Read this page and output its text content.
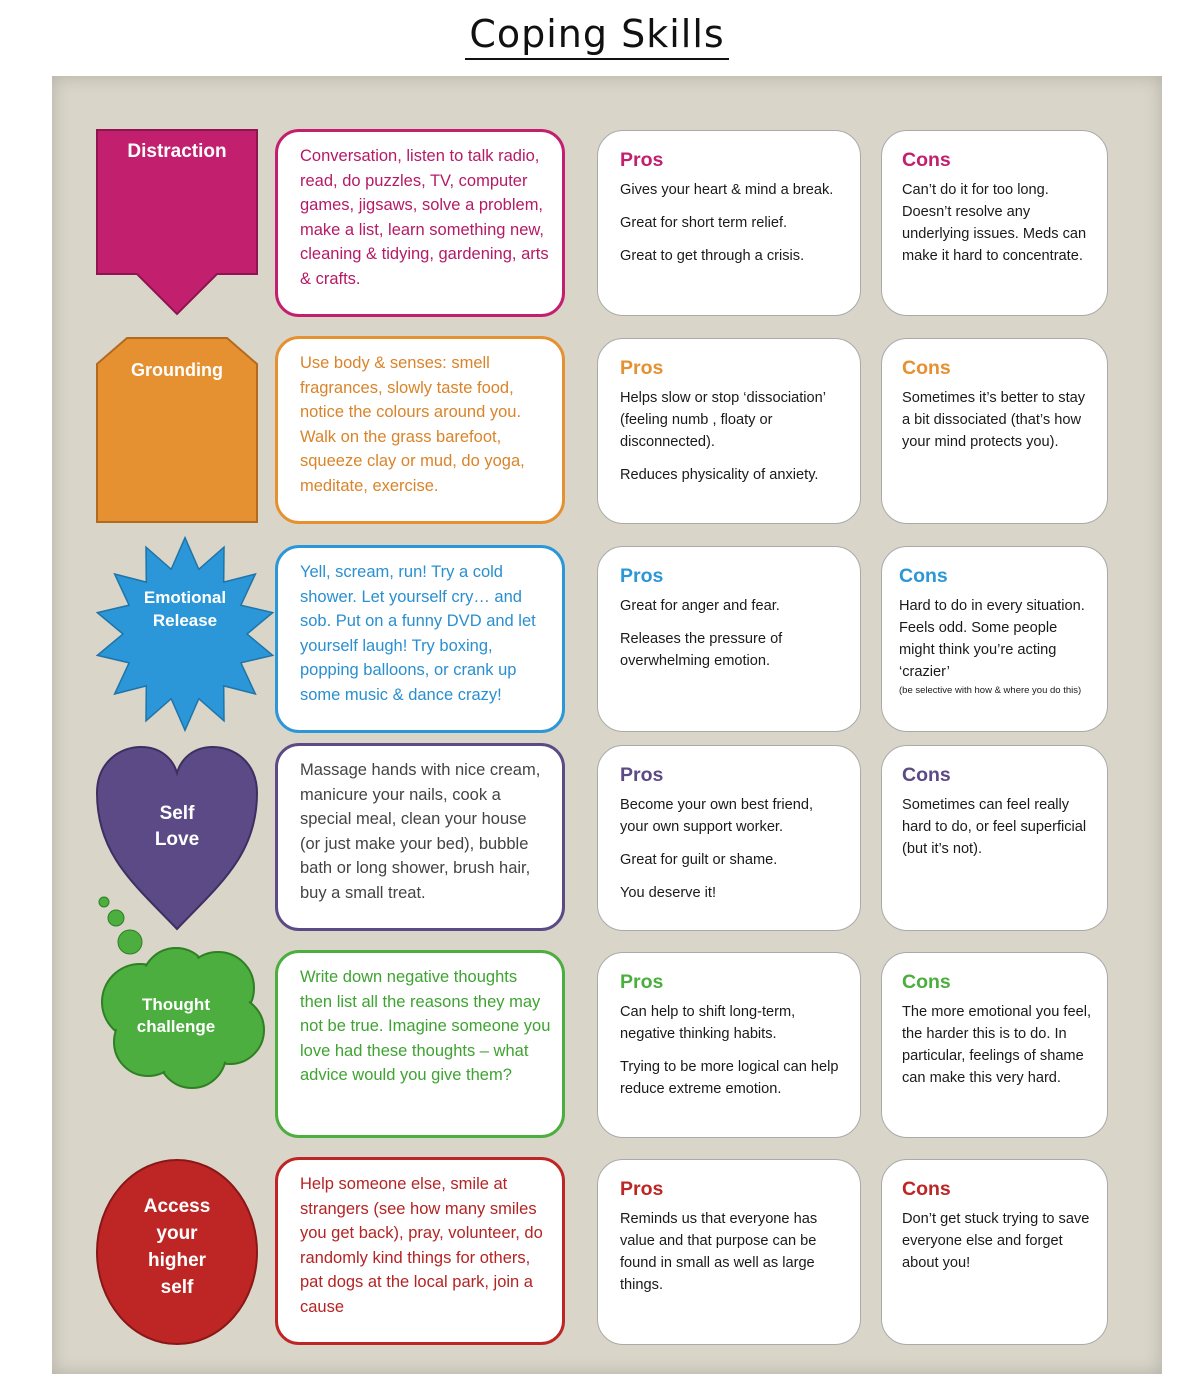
Coping Skills
Distraction	Conversation, listen to talk radio, read, do puzzles, TV, computer games, jigsaws, solve a problem, make a list, learn something new, cleaning & tidying, gardening, arts & crafts.
Pros
Gives your heart & mind a break.
Great for short term relief.
Great to get through a crisis.
Cons
Can’t do it for too long. Doesn’t resolve any underlying issues. Meds can make it hard to concentrate.
Grounding	Use body & senses: smell fragrances, slowly taste food, notice the colours around you. Walk on the grass barefoot, squeeze clay or mud, do yoga, meditate, exercise.
Pros
Helps slow or stop ‘dissociation’ (feeling numb , floaty or disconnected).
Reduces physicality of anxiety.
Cons
Sometimes it’s better to stay a bit dissociated (that’s how your mind protects you).
Emotional
Release
Yell, scream, run! Try a cold shower. Let yourself cry… and sob. Put on a funny DVD and let yourself laugh! Try boxing, popping balloons, or crank up some music & dance crazy!
Pros
Great for anger and fear.
Releases the pressure of overwhelming emotion.
Cons
Hard to do in every situation. Feels odd. Some people might think you’re acting ‘crazier’
(be selective with how & where you do this)
Self
Love
Massage hands with nice cream, manicure your nails, cook a special meal, clean your house (or just make your bed), bubble bath or long shower, brush hair, buy a small treat.
Pros
Become your own best friend, your own support worker.
Great for guilt or shame.
You deserve it!
Cons
Sometimes can feel really hard to do, or feel superficial (but it’s not).
Thought
challenge
Write down negative thoughts then list all the reasons they may not be true. Imagine someone you love had these thoughts – what advice would you give them?
Pros
Can help to shift long-term, negative thinking habits.
Trying to be more logical can help reduce extreme emotion.
Cons
The more emotional you feel, the harder this is to do. In particular, feelings of shame can make this very hard.
Access
your
higher
self
Help someone else, smile at strangers (see how many smiles you get back), pray, volunteer, do randomly kind things for others, pat dogs at the local park, join a cause
Pros
Reminds us that everyone has value and that purpose can be found in small as well as large things.
Cons
Don’t get stuck trying to save everyone else and forget about you!
